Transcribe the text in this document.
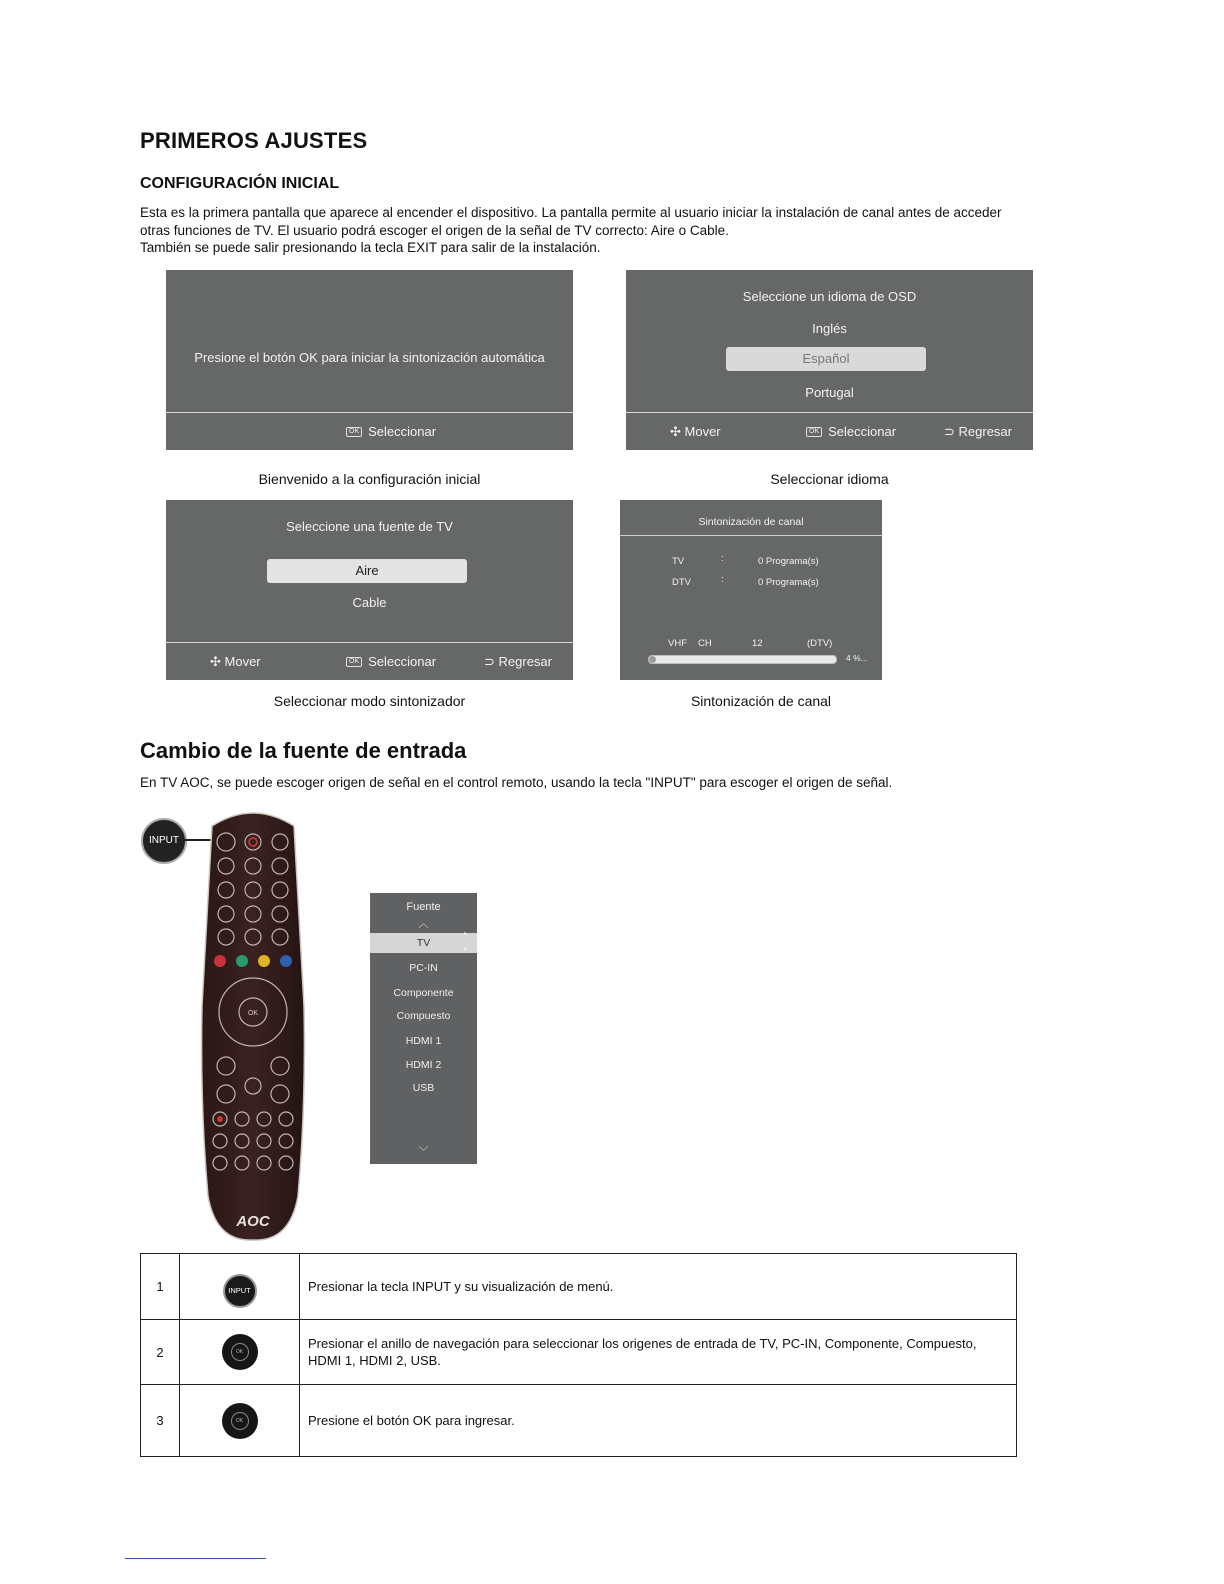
PRIMEROS AJUSTES
CONFIGURACIÓN INICIAL

Esta es la primera pantalla que aparece al encender el dispositivo. La pantalla permite al usuario iniciar la instalación de canal antes de acceder

otras funciones de TV. El usuario podrá escoger el origen de la señal de TV correcto: Aire o Cable.

También se puede salir presionando la tecla EXIT para salir de la instalación.

Presione el botón OK para iniciar la sintonización automática
OK Seleccionar
Bienvenido a la configuración inicial
Seleccione un idioma de OSD
Inglés
Español
Portugal
✣ Mover	OK Seleccionar	⊃ Regresar
Seleccionar idioma
Seleccione una fuente de TV
Aire
Cable
✣ Mover	OK Seleccionar	⊃ Regresar
Seleccionar modo sintonizador
Sintonización de canal
TV	:	0 Programa(s)
DTV	:	0 Programa(s)
VHF CH	12	(DTV)
4 %...
Sintonización de canal
Cambio de la fuente de entrada
En TV AOC, se puede escoger origen de señal en el control remoto, usando la tecla "INPUT" para escoger el origen de señal.
INPUT
OK
AOC
Fuente
︿
TV
▲
▼
PC-IN
Componente
Compuesto
HDMI 1
HDMI 2
USB
﹀
1	INPUT	Presionar la tecla INPUT y su visualización de menú.
2	OK	Presionar el anillo de navegación para seleccionar los origenes de entrada de TV, PC-IN, Componente, Compuesto, HDMI 1, HDMI 2, USB.
3	OK	Presione el botón OK para ingresar.
